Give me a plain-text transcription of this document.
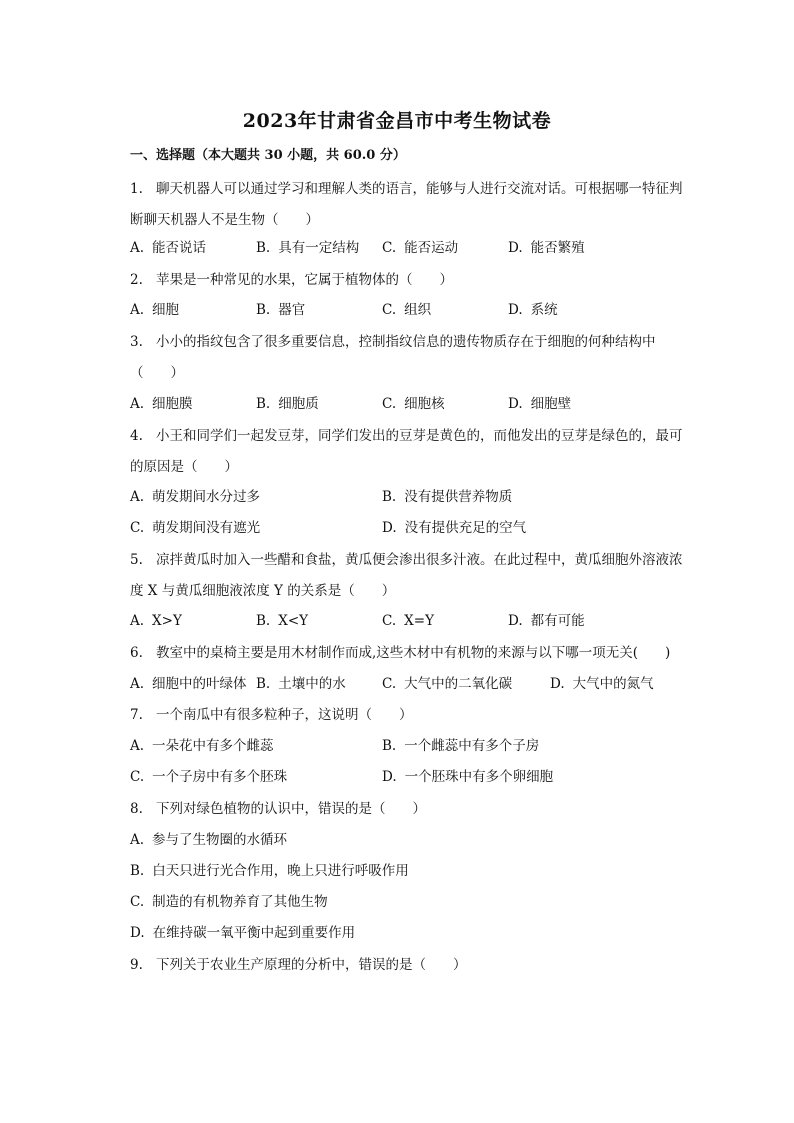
2023年甘肃省金昌市中考生物试卷
一、选择题（本大题共 30 小题，共 60.0 分）
1. 聊天机器人可以通过学习和理解人类的语言，能够与人进行交流对话。可根据哪一特征判断聊天机器人不是生物（　　）
A. 能否说话	B. 具有一定结构 C. 能否运动	D. 能否繁殖
2. 苹果是一种常见的水果，它属于植物体的（　　）
A. 细胞	B. 器官	C. 组织	D. 系统
3. 小小的指纹包含了很多重要信息，控制指纹信息的遗传物质存在于细胞的何种结构中（　　）
A. 细胞膜	B. 细胞质	C. 细胞核	D. 细胞壁
4. 小王和同学们一起发豆芽，同学们发出的豆芽是黄色的，而他发出的豆芽是绿色的，最可的原因是（　　）
A. 萌发期间水分过多	B. 没有提供营养物质
C. 萌发期间没有遮光	D. 没有提供充足的空气
5. 凉拌黄瓜时加入一些醋和食盐，黄瓜便会渗出很多汁液。在此过程中，黄瓜细胞外溶液浓度 X 与黄瓜细胞液浓度 Y 的关系是（　　）
A. X>Y	B. X<Y	C. X=Y	D. 都有可能
6. 教室中的桌椅主要是用木材制作而成,这些木材中有机物的来源与以下哪一项无关(　　)
A. 细胞中的叶绿体 B. 土壤中的水	C. 大气中的二氧化碳	D. 大气中的氮气
7. 一个南瓜中有很多粒种子，这说明（　　）
A. 一朵花中有多个雌蕊	B. 一个雌蕊中有多个子房
C. 一个子房中有多个胚珠	D. 一个胚珠中有多个卵细胞
8. 下列对绿色植物的认识中，错误的是（　　）
A. 参与了生物圈的水循环
B. 白天只进行光合作用，晚上只进行呼吸作用
C. 制造的有机物养育了其他生物
D. 在维持碳一氧平衡中起到重要作用
9. 下列关于农业生产原理的分析中，错误的是（　　）
